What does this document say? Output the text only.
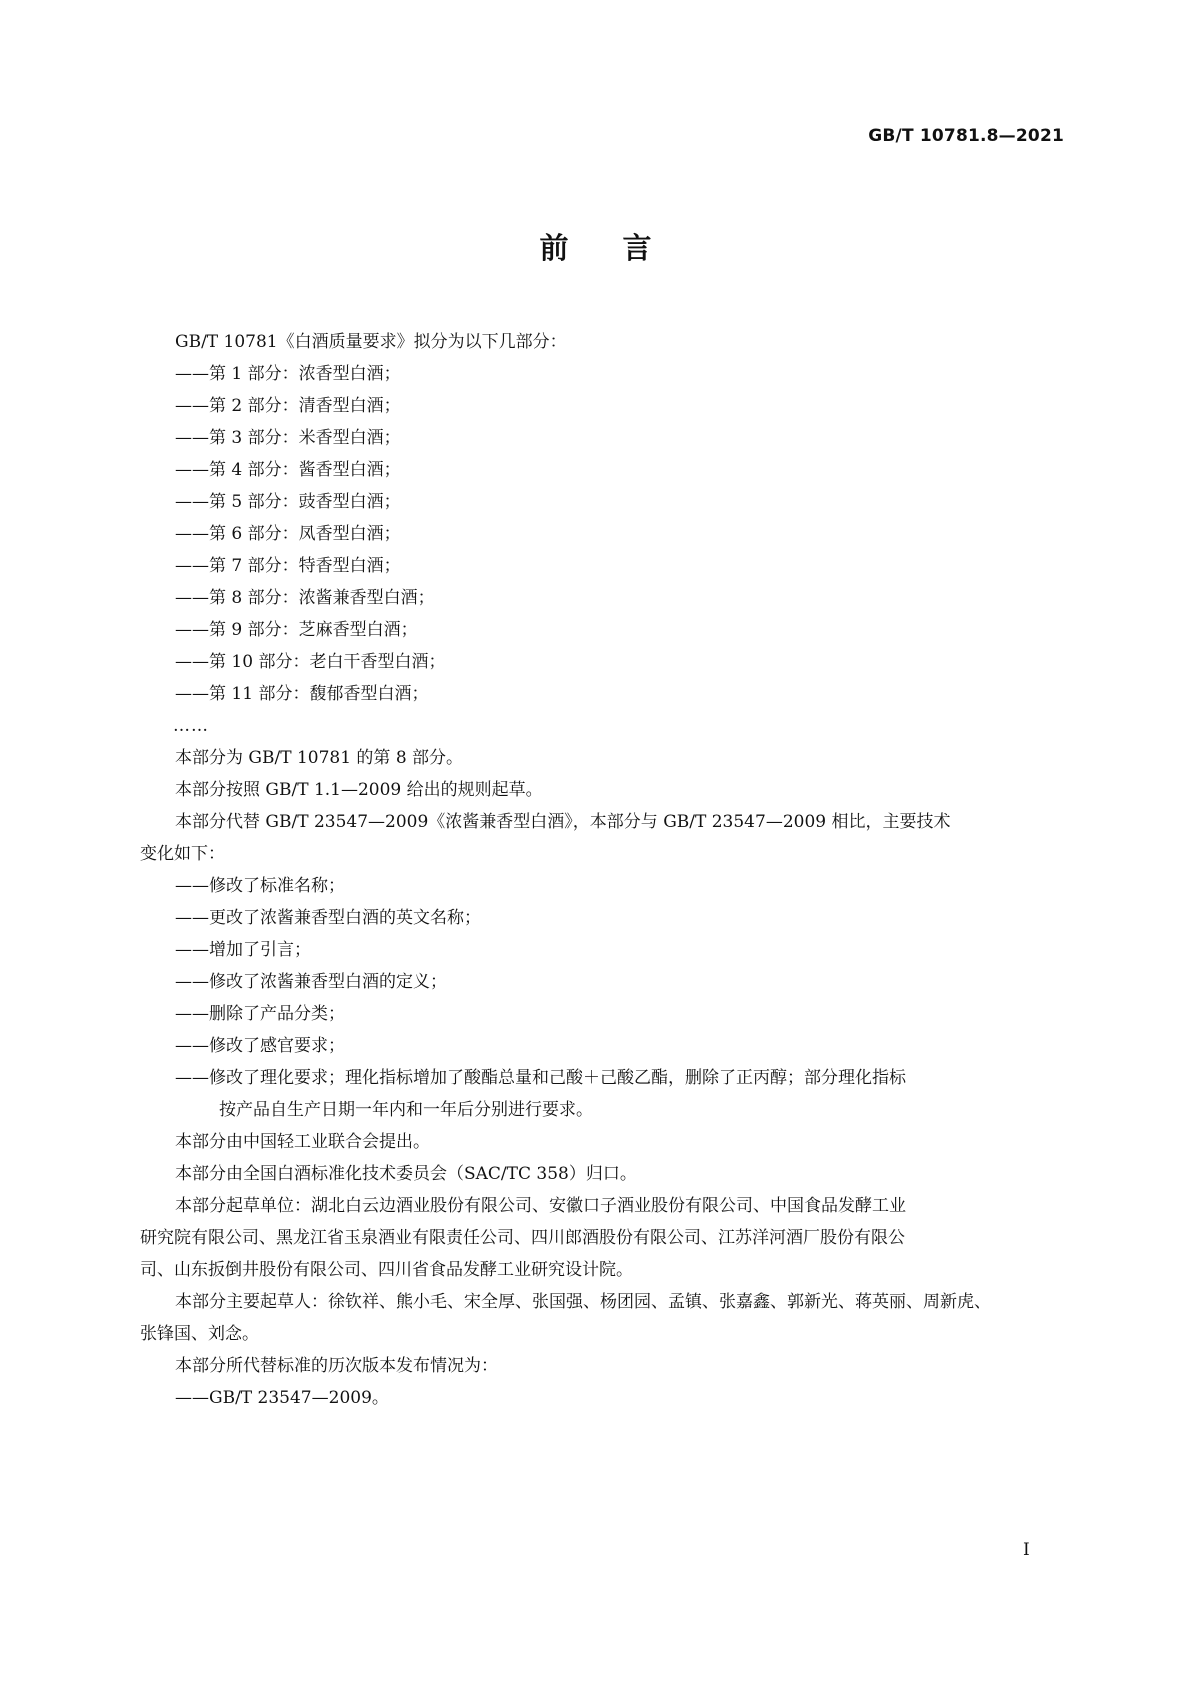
GB/T 10781.8—2021
前言
GB/T 10781《白酒质量要求》拟分为以下几部分：
——第 1 部分：浓香型白酒；
——第 2 部分：清香型白酒；
——第 3 部分：米香型白酒；
——第 4 部分：酱香型白酒；
——第 5 部分：豉香型白酒；
——第 6 部分：凤香型白酒；
——第 7 部分：特香型白酒；
——第 8 部分：浓酱兼香型白酒；
——第 9 部分：芝麻香型白酒；
——第 10 部分：老白干香型白酒；
——第 11 部分：馥郁香型白酒；
……
本部分为 GB/T 10781 的第 8 部分。
本部分按照 GB/T 1.1—2009 给出的规则起草。
本部分代替 GB/T 23547—2009《浓酱兼香型白酒》，本部分与 GB/T 23547—2009 相比，主要技术
变化如下：
——修改了标准名称；
——更改了浓酱兼香型白酒的英文名称；
——增加了引言；
——修改了浓酱兼香型白酒的定义；
——删除了产品分类；
——修改了感官要求；
——修改了理化要求；理化指标增加了酸酯总量和己酸＋己酸乙酯，删除了正丙醇；部分理化指标
按产品自生产日期一年内和一年后分别进行要求。
本部分由中国轻工业联合会提出。
本部分由全国白酒标准化技术委员会（SAC/TC 358）归口。
本部分起草单位：湖北白云边酒业股份有限公司、安徽口子酒业股份有限公司、中国食品发酵工业
研究院有限公司、黑龙江省玉泉酒业有限责任公司、四川郎酒股份有限公司、江苏洋河酒厂股份有限公
司、山东扳倒井股份有限公司、四川省食品发酵工业研究设计院。
本部分主要起草人：徐钦祥、熊小毛、宋全厚、张国强、杨团园、孟镇、张嘉鑫、郭新光、蒋英丽、周新虎、
张锋国、刘念。
本部分所代替标准的历次版本发布情况为：
——GB/T 23547—2009。
I
